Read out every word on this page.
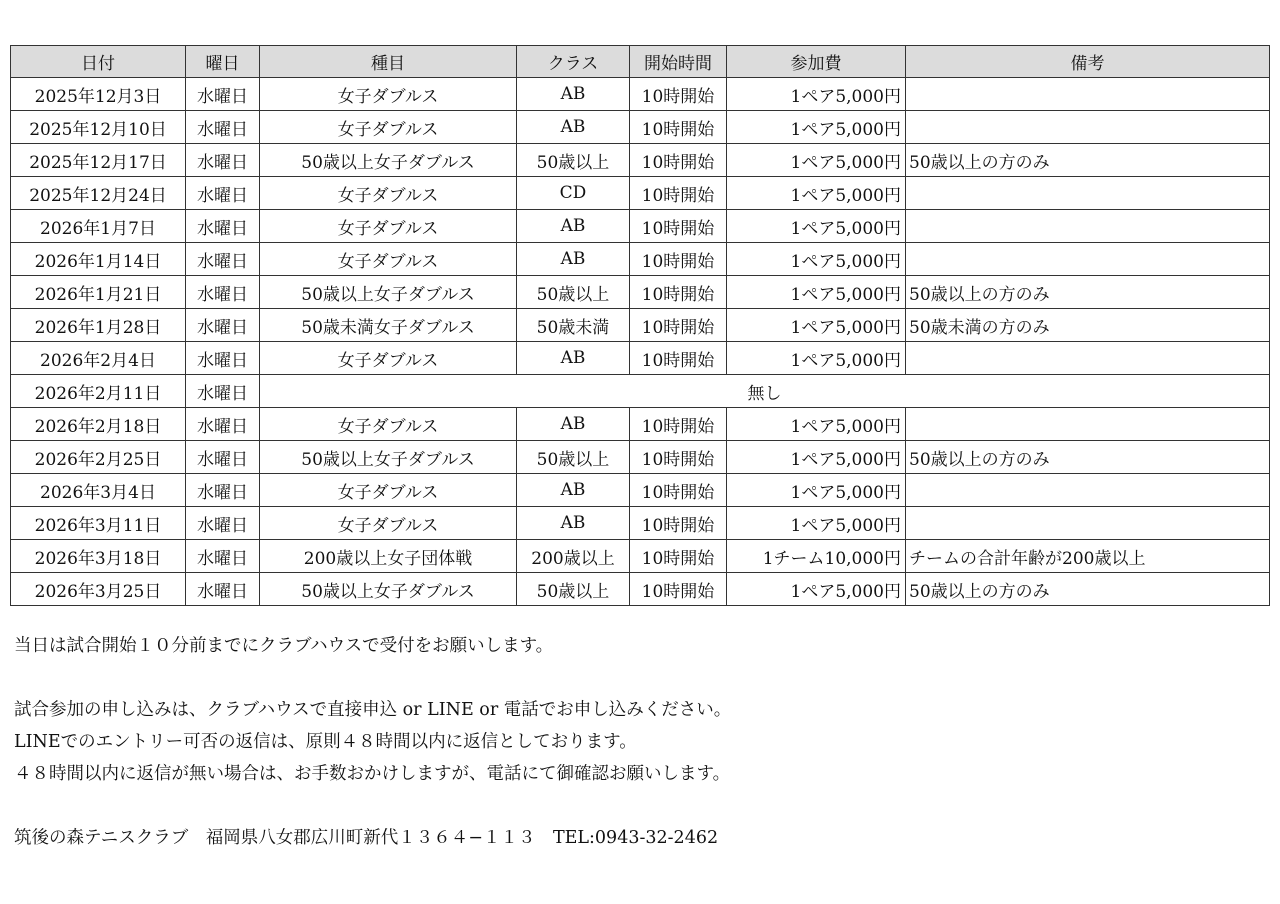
日付	曜日	種目	クラス	開始時間	参加費	備考
2025年12月3日	水曜日	女子ダブルス	AB	10時開始	1ペア5,000円	
2025年12月10日	水曜日	女子ダブルス	AB	10時開始	1ペア5,000円	
2025年12月17日	水曜日	50歳以上女子ダブルス	50歳以上	10時開始	1ペア5,000円	50歳以上の方のみ
2025年12月24日	水曜日	女子ダブルス	CD	10時開始	1ペア5,000円	
2026年1月7日	水曜日	女子ダブルス	AB	10時開始	1ペア5,000円	
2026年1月14日	水曜日	女子ダブルス	AB	10時開始	1ペア5,000円	
2026年1月21日	水曜日	50歳以上女子ダブルス	50歳以上	10時開始	1ペア5,000円	50歳以上の方のみ
2026年1月28日	水曜日	50歳未満女子ダブルス	50歳未満	10時開始	1ペア5,000円	50歳未満の方のみ
2026年2月4日	水曜日	女子ダブルス	AB	10時開始	1ペア5,000円	
2026年2月11日	水曜日	無し				
2026年2月18日	水曜日	女子ダブルス	AB	10時開始	1ペア5,000円	
2026年2月25日	水曜日	50歳以上女子ダブルス	50歳以上	10時開始	1ペア5,000円	50歳以上の方のみ
2026年3月4日	水曜日	女子ダブルス	AB	10時開始	1ペア5,000円	
2026年3月11日	水曜日	女子ダブルス	AB	10時開始	1ペア5,000円	
2026年3月18日	水曜日	200歳以上女子団体戦	200歳以上	10時開始	1チーム10,000円	チームの合計年齢が200歳以上
2026年3月25日	水曜日	50歳以上女子ダブルス	50歳以上	10時開始	1ペア5,000円	50歳以上の方のみ

当日は試合開始１０分前までにクラブハウスで受付をお願いします。

試合参加の申し込みは、クラブハウスで直接申込 or LINE or 電話でお申し込みください。

LINEでのエントリー可否の返信は、原則４８時間以内に返信としております。

４８時間以内に返信が無い場合は、お手数おかけしますが、電話にて御確認お願いします。

筑後の森テニスクラブ　福岡県八女郡広川町新代１３６４−１１３　TEL:0943-32-2462
